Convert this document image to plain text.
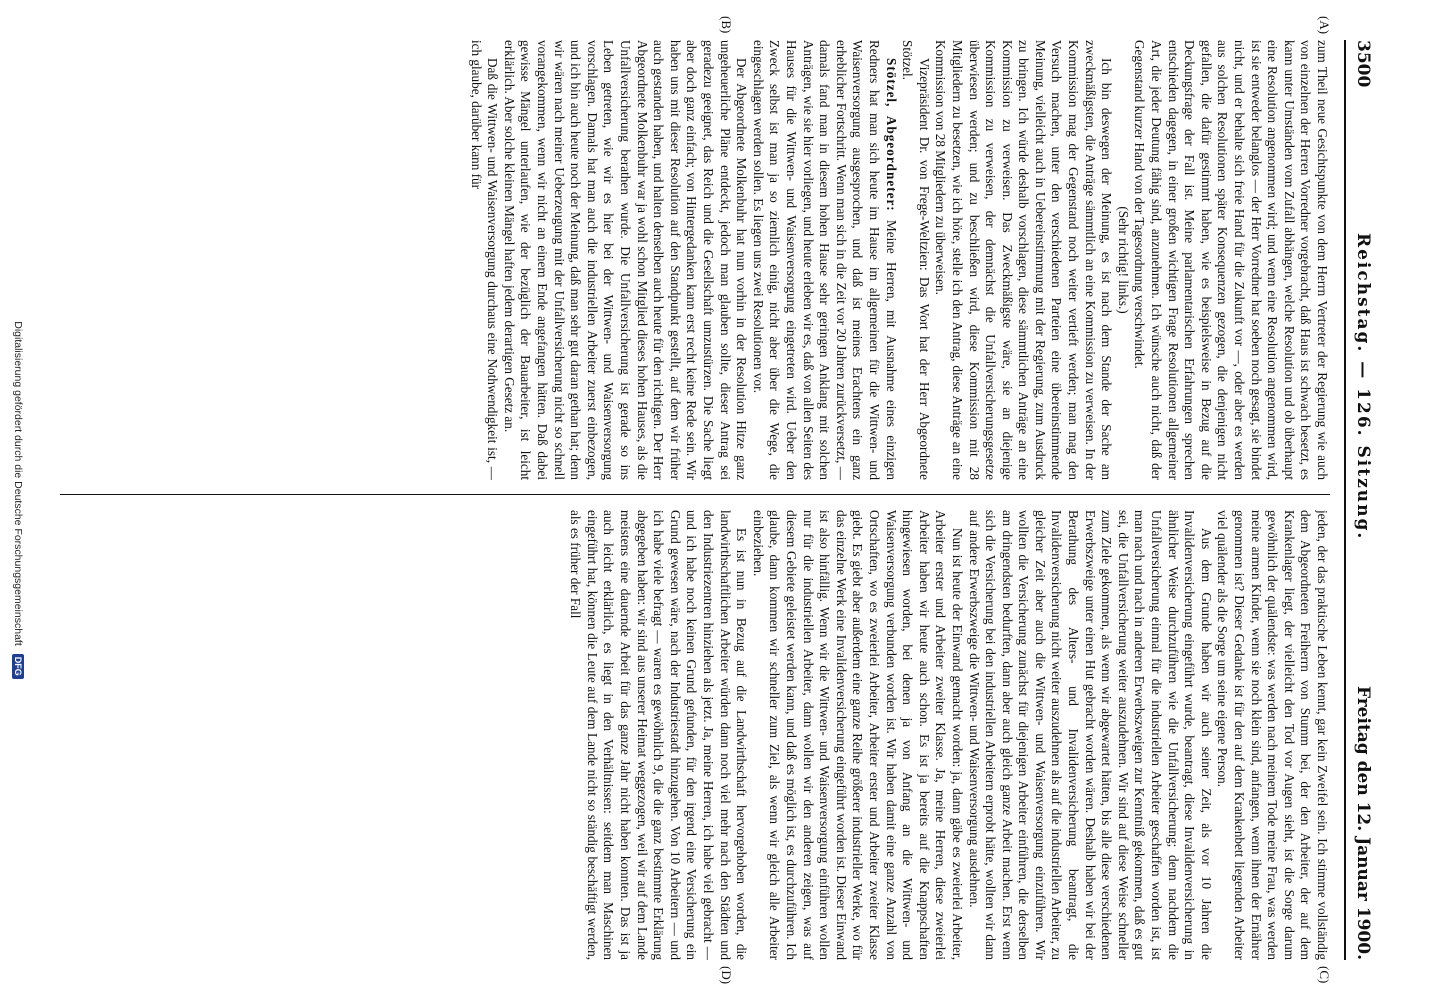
3500
Reichstag. — 126. Sitzung.
Freitag den 12. Januar 1900.
(A)
(B)
(C)
(D)

zum Theil neue Gesichtspunkte von dem Herrn Vertreter der Regierung wie auch von einzelnen der Herren Vorredner vorgebracht, daß Haus ist schwach besetzt, es kann unter Umständen vom Zufall abhängen, welche Resolution und ob überhaupt eine Resolution angenommen wird; und wenn eine Resolution angenommen wird, ist sie entweder belanglos — der Herr Vorredner hat soeben noch gesagt, sie bindet nicht, und er behalte sich freie Hand für die Zukunft vor —, oder aber es werden aus solchen Resolutionen später Konsequenzen gezogen, die denjenigen nicht gefallen, die dafür gestimmt haben, wie es beispielsweise in Bezug auf die Deckungsfrage der Fall ist. Meine parlamentarischen Erfahrungen sprechen entschieden dagegen, in einer großen wichtigen Frage Resolutionen allgemeiner Art, die jeder Deutung fähig sind, anzunehmen. Ich wünsche auch nicht, daß der Gegenstand kurzer Hand von der Tagesordnung verschwindet.

(Sehr richtig! links.)

Ich bin deswegen der Meinung, es ist nach dem Stande der Sache am zweckmäßigsten, die Anträge sämmtlich an eine Kommission zu verweisen. In der Kommission mag der Gegenstand noch weiter vertieft werden; man mag den Versuch machen, unter den verschiedenen Parteien eine übereinstimmende Meinung, vielleicht auch in Uebereinstimmung mit der Regierung, zum Ausdruck zu bringen. Ich würde deshalb vorschlagen, diese sämmtlichen Anträge an eine Kommission zu verweisen. Das Zweckmäßigste wäre, sie an diejenige Kommission zu verweisen, der demnächst die Unfallversicherungsgesetze überwiesen werden; und zu beschließen wird, diese Kommission mit 28 Mitgliedern zu besetzen, wie ich höre, stelle ich den Antrag, diese Anträge an eine Kommission von 28 Mitgliedern zu überweisen.

Vizepräsident Dr. von Frege-Weltzien: Das Wort hat der Herr Abgeordnete Stötzel.

Stötzel, Abgeordneter: Meine Herren, mit Ausnahme eines einzigen Redners hat man sich heute im Hause im allgemeinen für die Wittwen- und Waisenversorgung ausgesprochen, und daß ist meines Erachtens ein ganz erheblicher Fortschritt. Wenn man sich in die Zeit vor 20 Jahren zurückversetzt, — damals fand man in diesem hohen Hause sehr geringen Anklang mit solchen Anträgen, wie sie hier vorliegen, und heute erleben wir es, daß von allen Seiten des Hauses für die Wittwen- und Waisenversorgung eingetreten wird. Ueber den Zweck selbst ist man ja so ziemlich einig, nicht aber über die Wege, die eingeschlagen werden sollen. Es liegen uns zwei Resolutionen vor.

Der Abgeordnete Molkenbuhr hat nun vorhin in der Resolution Hitze ganz ungeheuerliche Pläne entdeckt, jedoch man glauben sollte, dieser Antrag sei geradezu geeignet, das Reich und die Gesellschaft umzustürzen. Die Sache liegt aber doch ganz einfach; von Hintergedanken kann erst recht keine Rede sein. Wir haben uns mit dieser Resolution auf den Standpunkt gestellt, auf dem wir früher auch gestanden haben, und halten denselben auch heute für den richtigen. Der Herr Abgeordnete Molkenbuhr war ja wohl schon Mitglied dieses hohen Hauses, als die Unfallversicherung berathen wurde. Die Unfallversicherung ist gerade so ins Leben getreten, wie wir es hier bei der Wittwen- und Waisenversorgung vorschlagen. Damals hat man auch die industriellen Arbeiter zuerst einbezogen, und ich bin auch heute noch der Meinung, daß man sehr gut daran gethan hat; denn wir wären nach meiner Ueberzeugung mit der Unfallversicherung nicht so schnell vorangekommen, wenn wir nicht an einem Ende angefangen hätten. Daß dabei gewisse Mängel unterlaufen, wie der bezüglich der Bauarbeiter, ist leicht erklärlich. Aber solche kleinen Mängel haften jedem derartigen Gesetz an.

Daß die Wittwen- und Waisenversorgung durchaus eine Nothwendigkeit ist, — ich glaube, darüber kann für

jeden, der das praktische Leben kennt, gar kein Zweifel sein. Ich stimme vollständig dem Abgeordneten Freiherrn von Stumm bei, der den Arbeiter, der auf dem Krankenlager liegt, der vielleicht den Tod vor Augen sieht, ist die Sorge darum gewöhnlich der quälendste: was werden nach meinem Tode meine Frau, was werden meine armen Kinder, wenn sie noch klein sind, anfangen, wenn ihnen der Ernährer genommen ist? Dieser Gedanke ist für den auf dem Krankenbett liegenden Arbeiter viel quälender als die Sorge um seine eigene Person.

Aus dem Grunde haben wir auch seiner Zeit, als vor 10 Jahren die Invalidenversicherung eingeführt wurde, beantragt, diese Invalidenversicherung in ähnlicher Weise durchzuführen wie die Unfallversicherung; denn nachdem die Unfallversicherung einmal für die industriellen Arbeiter geschaffen worden ist, ist man nach und nach in anderen Erwerbszweigen zur Kenntniß gekommen, daß es gut sei, die Unfallversicherung weiter auszudehnen. Wir sind auf diese Weise schneller zum Ziele gekommen, als wenn wir abgewartet hätten, bis alle diese verschiedenen Erwerbszweige unter einen Hut gebracht worden wären. Deshalb haben wir bei der Berathung des Alters- und Invalidenversicherung beantragt, die Invalidenversicherung nicht weiter auszudehnen als auf die industriellen Arbeiter, zu gleicher Zeit aber auch die Wittwen- und Waisenversorgung einzuführen. Wir wollten die Versicherung zunächst für diejenigen Arbeiter einführen, die derselben am dringendsten bedurften, dann aber auch gleich ganze Arbeit machen. Erst wenn sich die Versicherung bei den industriellen Arbeitern erprobt hätte, wollten wir dann auf andere Erwerbszweige die Wittwen- und Waisenversorgung ausdehnen.

Nun ist heute der Einwand gemacht worden: ja, dann gäbe es zweierlei Arbeiter, Arbeiter erster und Arbeiter zweiter Klasse. Ja, meine Herren, diese zweierlei Arbeiter haben wir heute auch schon. Es ist ja bereits auf die Knappschaften hingewiesen worden, bei denen ja von Anfang an die Wittwen- und Waisenversorgung verbunden worden ist. Wir haben damit eine ganze Anzahl von Ortschaften, wo es zweierlei Arbeiter, Arbeiter erster und Arbeiter zweiter Klasse giebt. Es giebt aber außerdem eine ganze Reihe größerer industrieller Werke, wo für das einzelne Werk eine Invalidenversicherung eingeführt worden ist. Dieser Einwand ist also hinfällig. Wenn wir die Wittwen- und Waisenversorgung einführen wollen nur für die industriellen Arbeiter, dann wollen wir den anderen zeigen, was auf diesem Gebiete geleistet werden kann, und daß es möglich ist, es durchzuführen. Ich glaube, dann kommen wir schneller zum Ziel, als wenn wir gleich alle Arbeiter einbeziehen.

Es ist nun in Bezug auf die Landwirthschaft hervorgehoben worden, die landwirthschaftlichen Arbeiter würden dann noch viel mehr nach den Städten und den Industriezentren hinziehen als jetzt. Ja, meine Herren, ich habe viel gebracht — und ich habe noch keinen Grund gefunden, für den irgend eine Versicherung ein Grund gewesen wäre, nach der Industriestadt hinzugehen. Von 10 Arbeitern — und ich habe viele befragt — waren es gewöhnlich 9, die die ganz bestimmte Erklärung abgegeben haben: wir sind aus unserer Heimat weggezogen, weil wir auf dem Lande meistens eine dauernde Arbeit für das ganze Jahr nicht haben konnten. Das ist ja auch leicht erklärlich, es liegt in den Verhältnissen: seitdem man Maschinen eingeführt hat, können die Leute auf dem Lande nicht so ständig beschäftigt werden, als es früher der Fall

Digitalisierung gefördert durch die Deutsche Forschungsgemeinschaft
DFG
